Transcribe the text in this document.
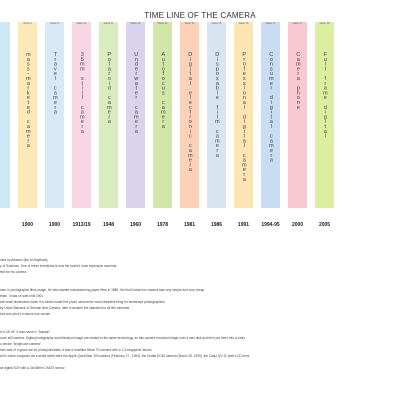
TIME LINE OF THE CAMERA
Week 9
mass-marketed camera
1900
Week 9
Travel camera
1900
Week 10
35mm still camera
1913/19
Week 11
Polaroid camera
1948
Week 12
Underwater camera
1960
Week 13
Autofocus camera
1978
Week 14
Digital electronic camera
1981
Week 15
Disposable film camera
1986
Week 16
Professional digital camera
1991
Week 17
Consumer digital camera
1994-95
Week 17
Camera phone
2000
Week 18
Full frame digital
2005
nted by Alhazen (Ibn Al-Haytham).
y of Sciences. One of these inventions is now the world's most expensive cameras
tect for his camera.
neer in photographic films usage. He also started manufacturing paper films in 1885. His first Kodak box camera was very simple and very cheap.
tman. It was on sale until 1901.
ant small dimensions when it is folded made this photo camera the most desirable thing for landscape photographers
by Oskar Barnack of German lens Camera, later it became the standard for all film cameras
ture and print it in about one minute
e is CE AF. It was name d "Jasupin"
ronic still camera. Digital photography and television image are related to the same technology, so this camera recorded image onto a mini disk and then put them into a video
o device "single-use camera".
hich was of a great use for photojournalists, it was a modified Nikon F3 camera with a 1.3 megapixel sensor
ed in home computer via a serial cable were the Apple QuickTake 100 camera (February 17 , 1994), the Kodak DC40 camera (March 28, 1995), the Casio QV-11 (with LCD moni
se digital SLR with a 24x36mm CMOS sensor
